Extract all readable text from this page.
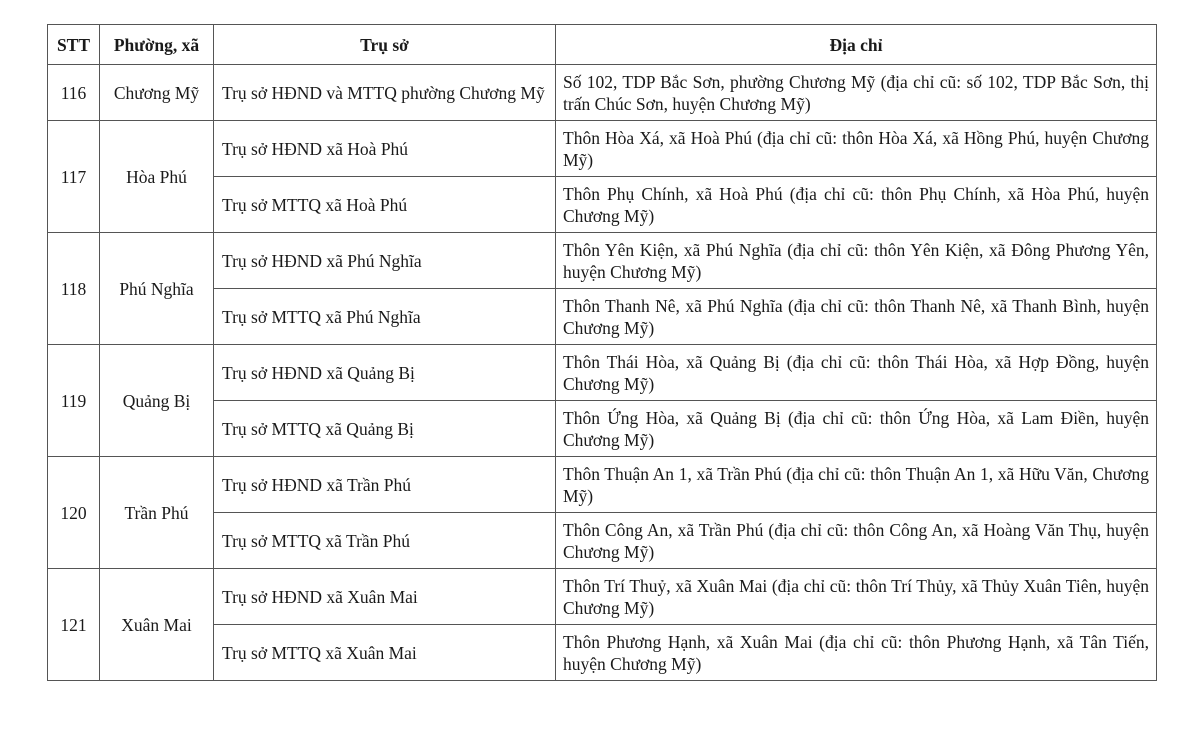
STT	Phường, xã	Trụ sở	Địa chỉ
116	Chương Mỹ	Trụ sở HĐND và MTTQ phường Chương Mỹ	Số 102, TDP Bắc Sơn, phường Chương Mỹ (địa chỉ cũ: số 102, TDP Bắc Sơn, thị trấn Chúc Sơn, huyện Chương Mỹ)
117	Hòa Phú	Trụ sở HĐND xã Hoà Phú	Thôn Hòa Xá, xã Hoà Phú (địa chỉ cũ: thôn Hòa Xá, xã Hồng Phú, huyện Chương Mỹ)
		Trụ sở MTTQ xã Hoà Phú	Thôn Phụ Chính, xã Hoà Phú (địa chỉ cũ: thôn Phụ Chính, xã Hòa Phú, huyện Chương Mỹ)
118	Phú Nghĩa	Trụ sở HĐND xã Phú Nghĩa	Thôn Yên Kiện, xã Phú Nghĩa (địa chỉ cũ: thôn Yên Kiện, xã Đông Phương Yên, huyện Chương Mỹ)
		Trụ sở MTTQ xã Phú Nghĩa	Thôn Thanh Nê, xã Phú Nghĩa (địa chỉ cũ: thôn Thanh Nê, xã Thanh Bình, huyện Chương Mỹ)
119	Quảng Bị	Trụ sở HĐND xã Quảng Bị	Thôn Thái Hòa, xã Quảng Bị (địa chỉ cũ: thôn Thái Hòa, xã Hợp Đồng, huyện Chương Mỹ)
		Trụ sở MTTQ xã Quảng Bị	Thôn Ứng Hòa, xã Quảng Bị (địa chỉ cũ: thôn Ứng Hòa, xã Lam Điền, huyện Chương Mỹ)
120	Trần Phú	Trụ sở HĐND xã Trần Phú	Thôn Thuận An 1, xã Trần Phú (địa chỉ cũ: thôn Thuận An 1, xã Hữu Văn, Chương Mỹ)
		Trụ sở MTTQ xã Trần Phú	Thôn Công An, xã Trần Phú (địa chỉ cũ: thôn Công An, xã Hoàng Văn Thụ, huyện Chương Mỹ)
121	Xuân Mai	Trụ sở HĐND xã Xuân Mai	Thôn Trí Thuỷ, xã Xuân Mai (địa chỉ cũ: thôn Trí Thủy, xã Thủy Xuân Tiên, huyện Chương Mỹ)
		Trụ sở MTTQ xã Xuân Mai	Thôn Phương Hạnh, xã Xuân Mai (địa chỉ cũ: thôn Phương Hạnh, xã Tân Tiến, huyện Chương Mỹ)
